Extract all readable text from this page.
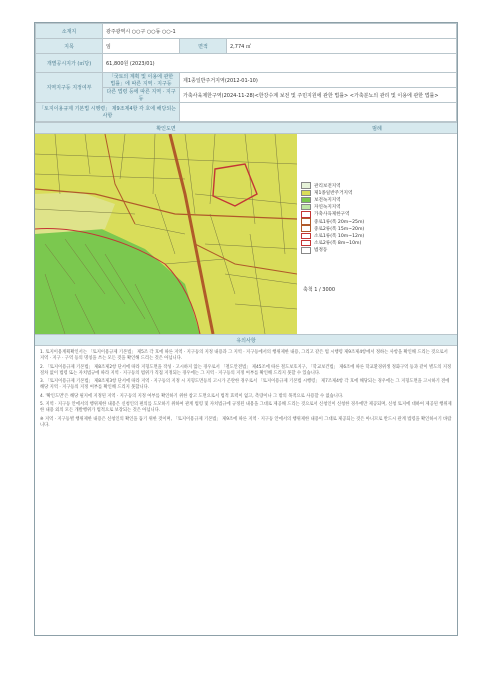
소재지	광주광역시 ○○구 ○○동 ○○-1		
지목	임	면적	2,774 ㎡
개별공시지가 (㎡당)	61,800원 (2023/01)		
지역지구등 지정여부	「국토의 계획 및 이용에 관한 법률」에 따른 지역 · 지구등	제1종일반주거지역(2012-01-10)	
	다른 법령 등에 따른 지역 · 지구등	가축사육제한구역(2024-11-28)<한강수계 보전 및 주민지원에 관한 법률> <가축분뇨의 관리 및 이용에 관한 법률>	
「토지이용규제 기본법 시행령」 제9조제4항 각 호에 해당되는 사항			
확인도면	범례
관리보전지역
제1종일반주거지역
보전녹지지역
자연녹지지역
가축사육제한구역
중로1류(폭 20m~25m)
중로2류(폭 15m~20m)
소로1류(폭 10m~12m)
소로2류(폭 8m~10m)
법정동
축척 1 / 3000
유의사항

1. 토지이용계획확인서는 「토지이용규제 기본법」 제5조 각 호에 따른 지역 · 지구등의 지정 내용과 그 지역 · 지구등에서의 행위제한 내용, 그리고 같은 법 시행령 제9조제4항에서 정하는 사항을 확인해 드리는 것으로서 지역 · 지구 · 구역 등의 명칭을 쓰는 모든 것을 확인해 드리는 것은 아닙니다.

2. 「토지이용규제 기본법」 제8조제2항 단서에 따라 지형도면을 작성 · 고시하지 않는 경우로서 「철도안전법」 제45조에 따른 철도보호지구, 「학교보건법」 제6조에 따른 학교환경위생 정화구역 등과 같이 별도의 지정 절차 없이 법령 또는 자치법규에 따라 지역 · 지구등의 범위가 직접 지정되는 경우에는 그 지역 · 지구등의 지정 여부를 확인해 드리지 못할 수 있습니다.

3. 「토지이용규제 기본법」 제8조제3항 단서에 따라 지역 · 지구등의 지정 시 지형도면등의 고시가 곤란한 경우로서 「토지이용규제 기본법 시행령」 제7조제4항 각 호에 해당되는 경우에는 그 지형도면을 고시하기 전에 해당 지역 · 지구등의 지정 여부를 확인해 드리지 못합니다.

4. '확인도면'은 해당 필지에 지정된 지역 · 지구등의 지정 여부를 확인하기 위한 참고 도면으로서 법적 효력이 없고, 측량이나 그 밖의 목적으로 사용할 수 없습니다.

5. 지역 · 지구등 안에서의 행위제한 내용은 신청인의 편의를 도모하기 위하여 관계 법령 및 자치법규에 규정된 내용을 그대로 제공해 드리는 것으로서 신청인이 신청한 경우에만 제공되며, 신청 토지에 대하여 제공된 행위제한 내용 외의 모든 개발행위가 법적으로 보장되는 것은 아닙니다.

※ 지역 · 지구등별 행위제한 내용은 신청인의 확인을 돕기 위한 것이며, 「토지이용규제 기본법」 제9조에 따른 지역 · 지구등 안에서의 행위제한 내용이 그대로 제공되는 것은 아니므로 반드시 관계 법령을 확인하시기 바랍니다.
